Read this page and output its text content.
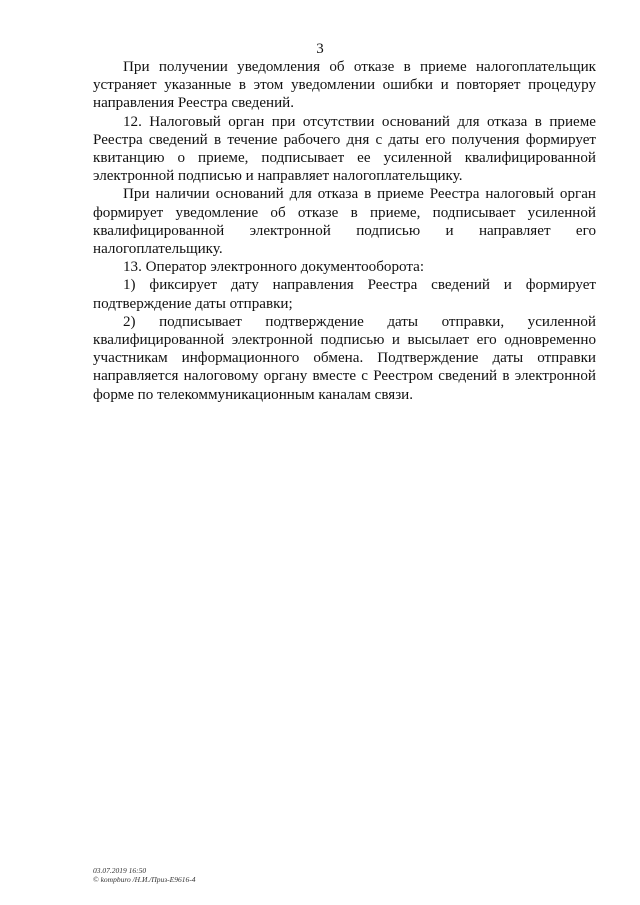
3

При получении уведомления об отказе в приеме налогоплательщик устраняет указанные в этом уведомлении ошибки и повторяет процедуру направления Реестра сведений.

12. Налоговый орган при отсутствии оснований для отказа в приеме Реестра сведений в течение рабочего дня с даты его получения формирует квитанцию о приеме, подписывает ее усиленной квалифицированной электронной подписью и направляет налогоплательщику.

При наличии оснований для отказа в приеме Реестра налоговый орган формирует уведомление об отказе в приеме, подписывает усиленной квалифицированной электронной подписью и направляет его налогоплательщику.

13. Оператор электронного документооборота:

1) фиксирует дату направления Реестра сведений и формирует подтверждение даты отправки;

2) подписывает подтверждение даты отправки, усиленной квалифицированной электронной подписью и высылает его одновременно участникам информационного обмена. Подтверждение даты отправки направляется налоговому органу вместе с Реестром сведений в электронной форме по телекоммуникационным каналам связи.

03.07.2019 16:50
© kompburo /Н.И./Приз-Е9616-4
